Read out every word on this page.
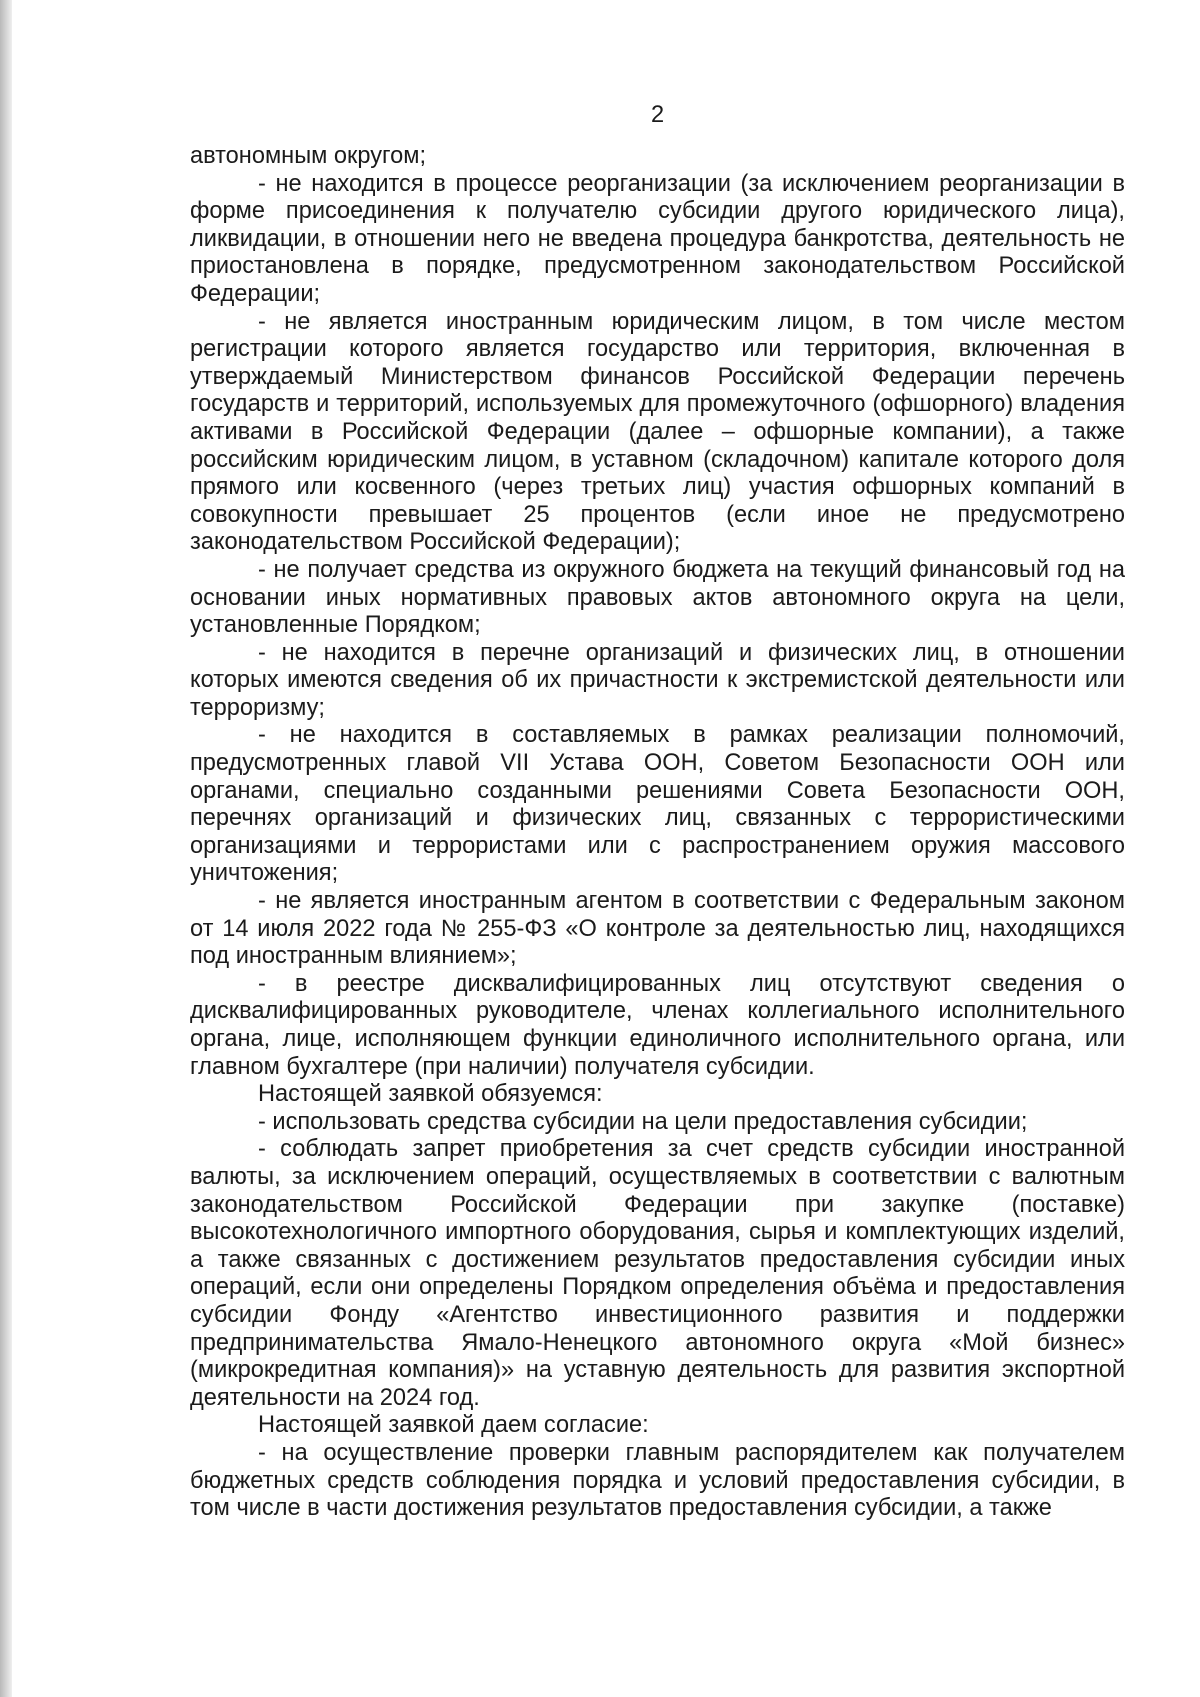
2

автономным округом;

- не находится в процессе реорганизации (за исключением реорганизации в форме присоединения к получателю субсидии другого юридического лица), ликвидации, в отношении него не введена процедура банкротства, деятельность не приостановлена в порядке, предусмотренном законодательством Российской Федерации;

- не является иностранным юридическим лицом, в том числе местом регистрации которого является государство или территория, включенная в утверждаемый Министерством финансов Российской Федерации перечень государств и территорий, используемых для промежуточного (офшорного) владения активами в Российской Федерации (далее – офшорные компании), а также российским юридическим лицом, в уставном (складочном) капитале которого доля прямого или косвенного (через третьих лиц) участия офшорных компаний в совокупности превышает 25 процентов (если иное не предусмотрено законодательством Российской Федерации);

- не получает средства из окружного бюджета на текущий финансовый год на основании иных нормативных правовых актов автономного округа на цели, установленные Порядком;

- не находится в перечне организаций и физических лиц, в отношении которых имеются сведения об их причастности к экстремистской деятельности или терроризму;

- не находится в составляемых в рамках реализации полномочий, предусмотренных главой VII Устава ООН, Советом Безопасности ООН или органами, специально созданными решениями Совета Безопасности ООН, перечнях организаций и физических лиц, связанных с террористическими организациями и террористами или с распространением оружия массового уничтожения;

- не является иностранным агентом в соответствии с Федеральным законом от 14 июля 2022 года № 255-ФЗ «О контроле за деятельностью лиц, находящихся под иностранным влиянием»;

- в реестре дисквалифицированных лиц отсутствуют сведения о дисквалифицированных руководителе, членах коллегиального исполнительного органа, лице, исполняющем функции единоличного исполнительного органа, или главном бухгалтере (при наличии) получателя субсидии.

Настоящей заявкой обязуемся:

- использовать средства субсидии на цели предоставления субсидии;

- соблюдать запрет приобретения за счет средств субсидии иностранной валюты, за исключением операций, осуществляемых в соответствии с валютным законодательством Российской Федерации при закупке (поставке) высокотехнологичного импортного оборудования, сырья и комплектующих изделий, а также связанных с достижением результатов предоставления субсидии иных операций, если они определены Порядком определения объёма и предоставления субсидии Фонду «Агентство инвестиционного развития и поддержки предпринимательства Ямало-Ненецкого автономного округа «Мой бизнес» (микрокредитная компания)» на уставную деятельность для развития экспортной деятельности на 2024 год.

Настоящей заявкой даем согласие:

- на осуществление проверки главным распорядителем как получателем бюджетных средств соблюдения порядка и условий предоставления субсидии, в том числе в части достижения результатов предоставления субсидии, а также
